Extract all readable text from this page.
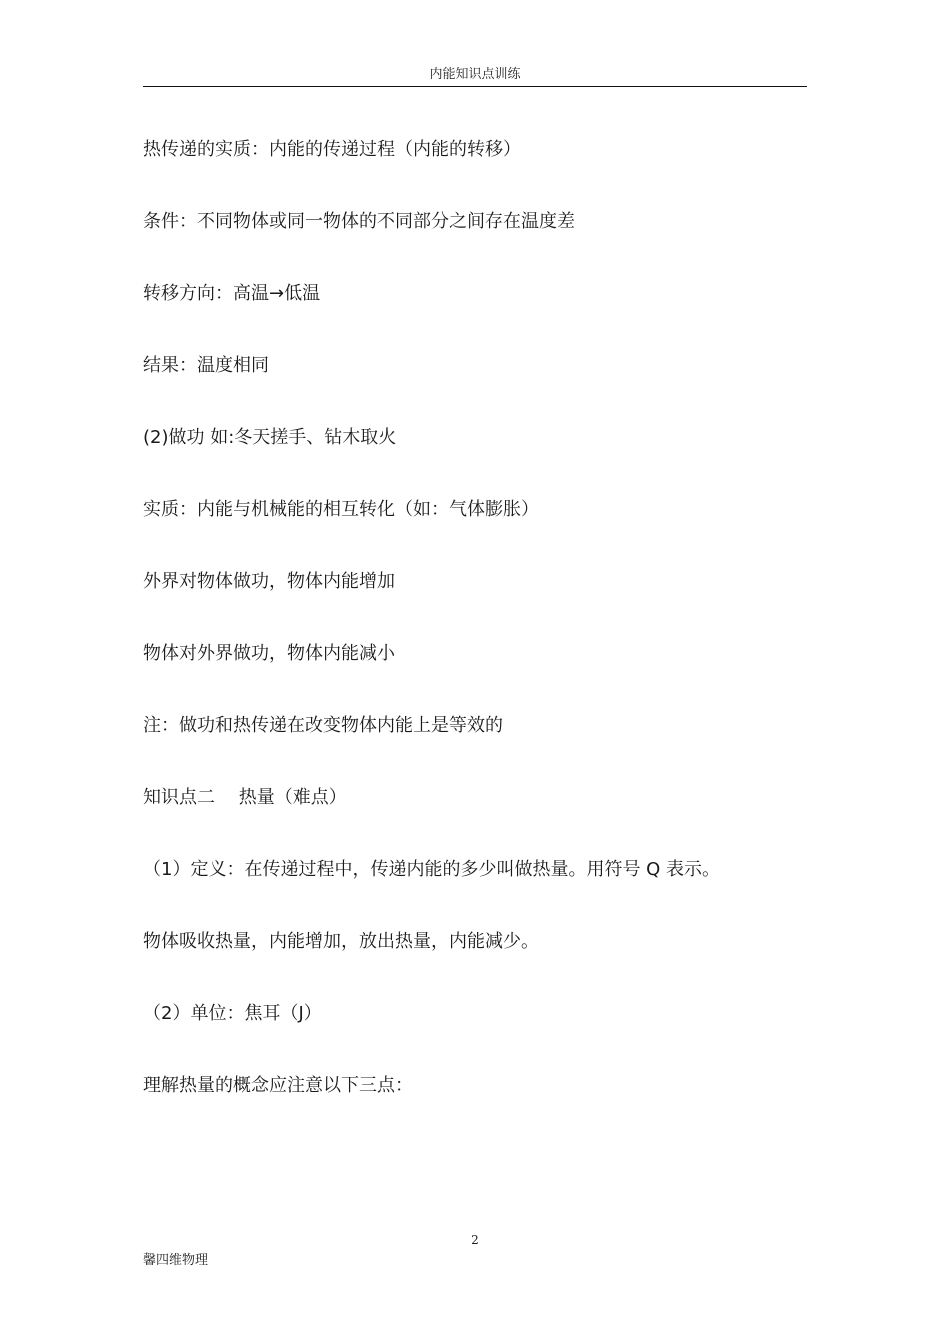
内能知识点训练
热传递的实质：内能的传递过程（内能的转移）
条件：不同物体或同一物体的不同部分之间存在温度差
转移方向：高温→低温
结果：温度相同
(2)做功 如:冬天搓手、钻木取火
实质：内能与机械能的相互转化（如：气体膨胀）
外界对物体做功，物体内能增加
物体对外界做功，物体内能减小
注：做功和热传递在改变物体内能上是等效的
知识点二　 热量（难点）
（1）定义：在传递过程中，传递内能的多少叫做热量。用符号 Q 表示。
物体吸收热量，内能增加，放出热量，内能减少。
（2）单位：焦耳（J）
理解热量的概念应注意以下三点：
2
馨四维物理
